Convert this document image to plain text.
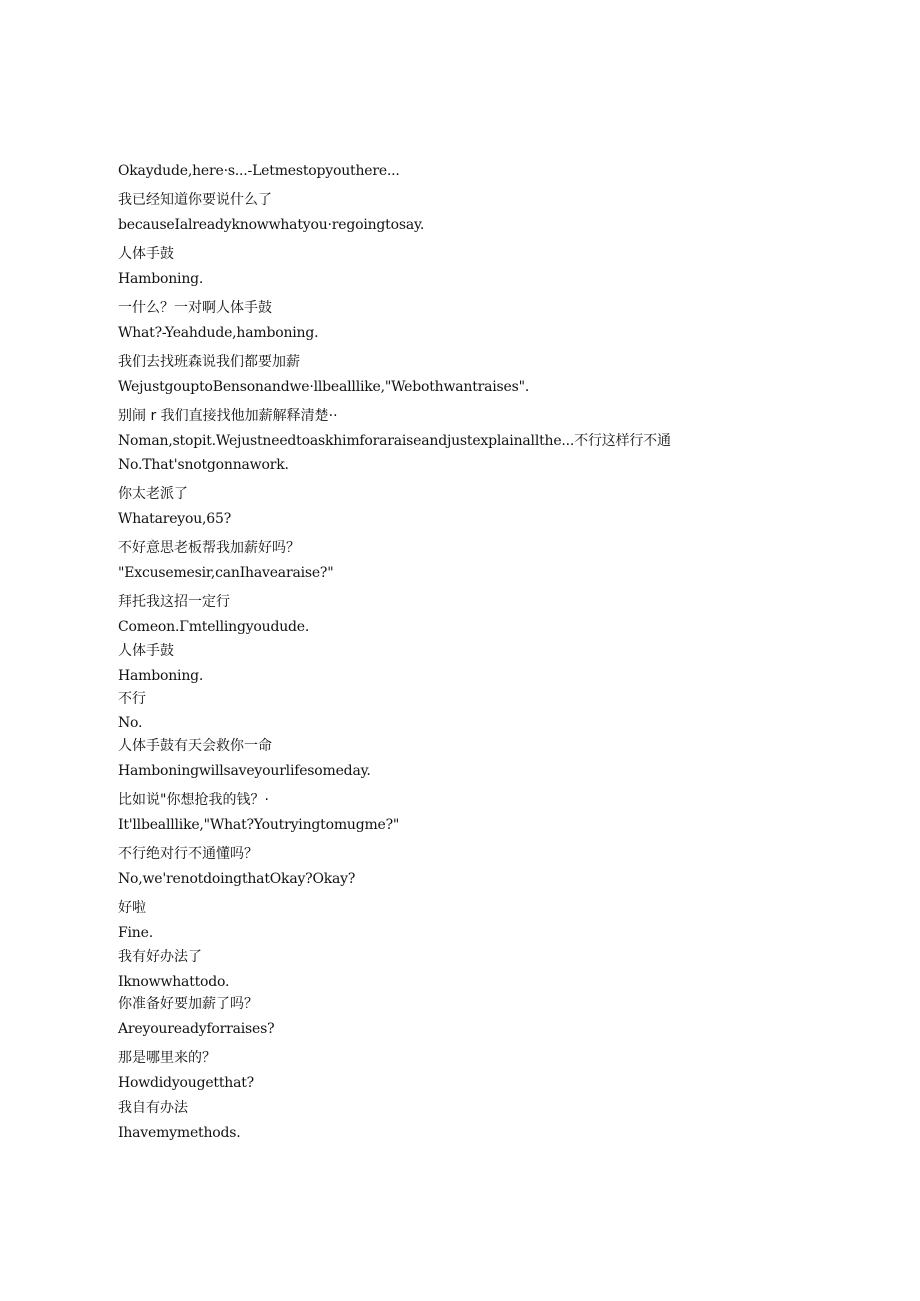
Okaydude,here·s...-Letmestopyouthere...
我已经知道你要说什么了
becauseIalreadyknowwhatyou·regoingtosay.
人体手鼓
Hamboning.
一什么？一对啊人体手鼓
What?-Yeahdude,hamboning.
我们去找班森说我们都要加薪
WejustgouptoBensonandwe·llbealllike,"Webothwantraises".
别闹 r 我们直接找他加薪解释清楚··
Noman,stopit.Wejustneedtoaskhimforaraiseandjustexplainallthe...不行这样行不通
No.That'snotgonnawork.
你太老派了
Whatareyou,65?
不好意思老板帮我加薪好吗？
"Excusemesir,canIhavearaise?"
拜托我这招一定行
Comeon.Γmtellingyoudude.
人体手鼓
Hamboning.
不行
No.
人体手鼓有天会救你一命
Hamboningwillsaveyourlifesomeday.
比如说"你想抢我的钱？·
It'llbealllike,"What?Youtryingtomugme?"
不行绝对行不通懂吗？
No,we'renotdoingthatOkay?Okay?
好啦
Fine.
我有好办法了
Iknowwhattodo.
你准备好要加薪了吗？
Areyoureadyforraises?
那是哪里来的？
Howdidyougetthat?
我自有办法
Ihavemymethods.
